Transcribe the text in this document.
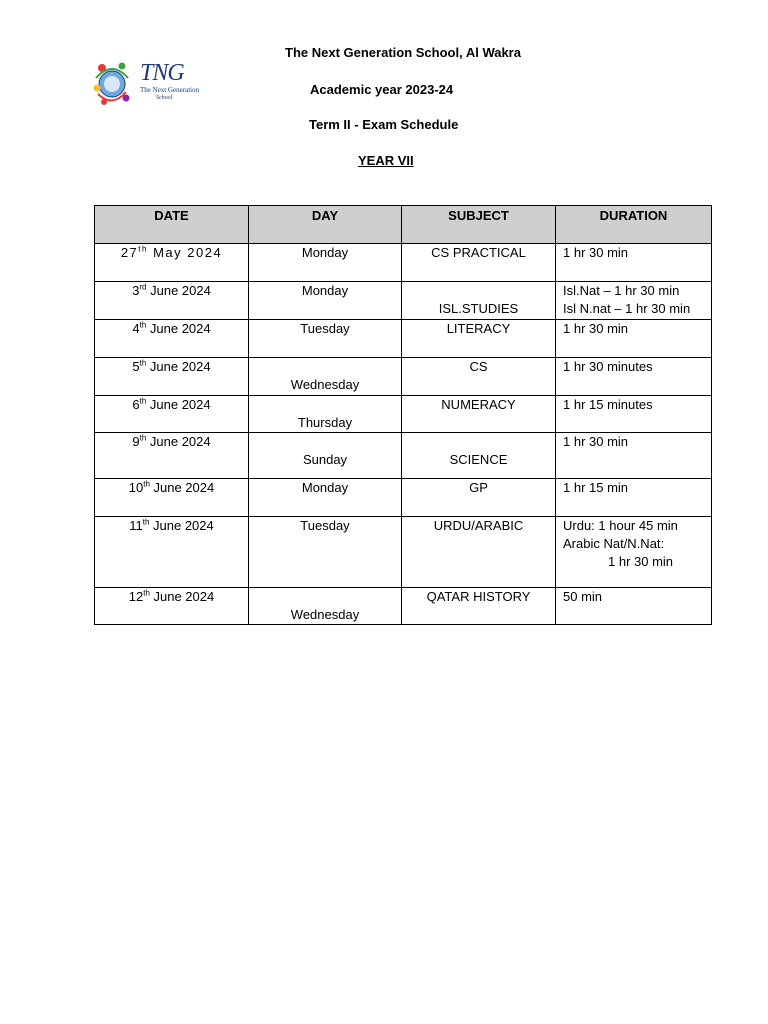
TNG
The Next Generation
School
The Next Generation School, Al Wakra
Academic year 2023-24
Term II - Exam Schedule
YEAR VII
DATE	DAY	SUBJECT	DURATION
27th May 2024	Monday	CS PRACTICAL	1 hr 30 min
3rd June 2024	Monday	ISL.STUDIES	Isl.Nat – 1 hr 30 min
Isl N.nat – 1 hr 30 min
4th June 2024	Tuesday	LITERACY	1 hr 30 min
5th June 2024	Wednesday	CS	1 hr 30 minutes
6th June 2024	Thursday	NUMERACY	1 hr 15 minutes
9th June 2024	Sunday	SCIENCE	1 hr 30 min
10th June 2024	Monday	GP	1 hr 15 min
11th June 2024	Tuesday	URDU/ARABIC	Urdu: 1 hour 45 min
Arabic Nat/N.Nat:

1 hr 30 min

12th June 2024	Wednesday	QATAR HISTORY	50 min
